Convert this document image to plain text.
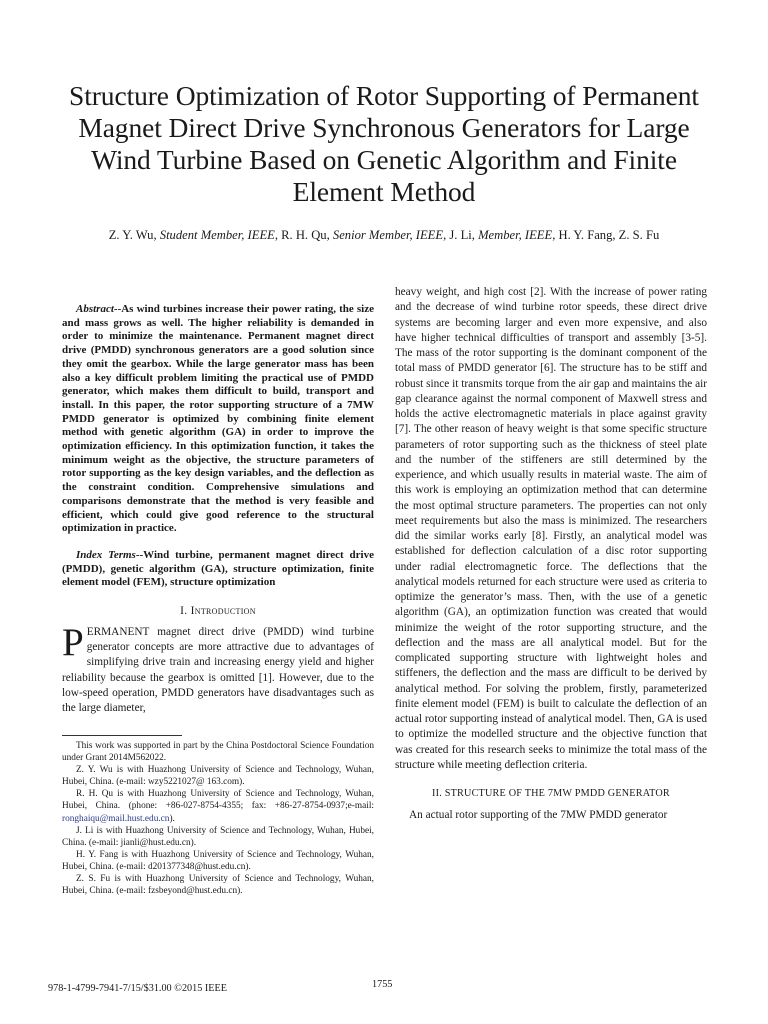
Structure Optimization of Rotor Supporting of Permanent Magnet Direct Drive Synchronous Generators for Large Wind Turbine Based on Genetic Algorithm and Finite Element Method
Z. Y. Wu, Student Member, IEEE, R. H. Qu, Senior Member, IEEE, J. Li, Member, IEEE, H. Y. Fang, Z. S. Fu

Abstract--As wind turbines increase their power rating, the size and mass grows as well. The higher reliability is demanded in order to minimize the maintenance. Permanent magnet direct drive (PMDD) synchronous generators are a good solution since they omit the gearbox. While the large generator mass has been also a key difficult problem limiting the practical use of PMDD generator, which makes them difficult to build, transport and install. In this paper, the rotor supporting structure of a 7MW PMDD generator is optimized by combining finite element method with genetic algorithm (GA) in order to improve the optimization efficiency. In this optimization function, it takes the minimum weight as the objective, the structure parameters of rotor supporting as the key design variables, and the deflection as the constraint condition. Comprehensive simulations and comparisons demonstrate that the method is very feasible and efficient, which could give good reference to the structural optimization in practice.

Index Terms--Wind turbine, permanent magnet direct drive (PMDD), genetic algorithm (GA), structure optimization, finite element model (FEM), structure optimization

I. Introduction

PERMANENT magnet direct drive (PMDD) wind turbine generator concepts are more attractive due to advantages of simplifying drive train and increasing energy yield and higher reliability because the gearbox is omitted [1]. However, due to the low-speed operation, PMDD generators have disadvantages such as the large diameter,

This work was supported in part by the China Postdoctoral Science Foundation under Grant 2014M562022.

Z. Y. Wu is with Huazhong University of Science and Technology, Wuhan, Hubei, China. (e-mail: wzy5221027@ 163.com).

R. H. Qu is with Huazhong University of Science and Technology, Wuhan, Hubei, China. (phone: +86-027-8754-4355; fax: +86-27-8754-0937;e-mail: ronghaiqu@mail.hust.edu.cn).

J. Li is with Huazhong University of Science and Technology, Wuhan, Hubei, China. (e-mail: jianli@hust.edu.cn).

H. Y. Fang is with Huazhong University of Science and Technology, Wuhan, Hubei, China. (e-mail: d201377348@hust.edu.cn).

Z. S. Fu is with Huazhong University of Science and Technology, Wuhan, Hubei, China. (e-mail: fzsbeyond@hust.edu.cn).

heavy weight, and high cost [2]. With the increase of power rating and the decrease of wind turbine rotor speeds, these direct drive systems are becoming larger and even more expensive, and also have higher technical difficulties of transport and assembly [3-5]. The mass of the rotor supporting is the dominant component of the total mass of PMDD generator [6]. The structure has to be stiff and robust since it transmits torque from the air gap and maintains the air gap clearance against the normal component of Maxwell stress and holds the active electromagnetic materials in place against gravity [7]. The other reason of heavy weight is that some specific structure parameters of rotor supporting such as the thickness of steel plate and the number of the stiffeners are still determined by the experience, and which usually results in material waste. The aim of this work is employing an optimization method that can determine the most optimal structure parameters. The properties can not only meet requirements but also the mass is minimized. The researchers did the similar works early [8]. Firstly, an analytical model was established for deflection calculation of a disc rotor supporting under radial electromagnetic force. The deflections that the analytical models returned for each structure were used as criteria to optimize the generator’s mass. Then, with the use of a genetic algorithm (GA), an optimization function was created that would minimize the weight of the rotor supporting structure, and the deflection and the mass are all analytical model. But for the complicated supporting structure with lightweight holes and stiffeners, the deflection and the mass are difficult to be derived by analytical method. For solving the problem, firstly, parameterized finite element model (FEM) is built to calculate the deflection of an actual rotor supporting instead of analytical model. Then, GA is used to optimize the modelled structure and the objective function that was created for this research seeks to minimize the total mass of the structure while meeting deflection criteria.

II. STRUCTURE OF THE 7MW PMDD GENERATOR

An actual rotor supporting of the 7MW PMDD generator

978-1-4799-7941-7/15/$31.00 ©2015 IEEE	1755
